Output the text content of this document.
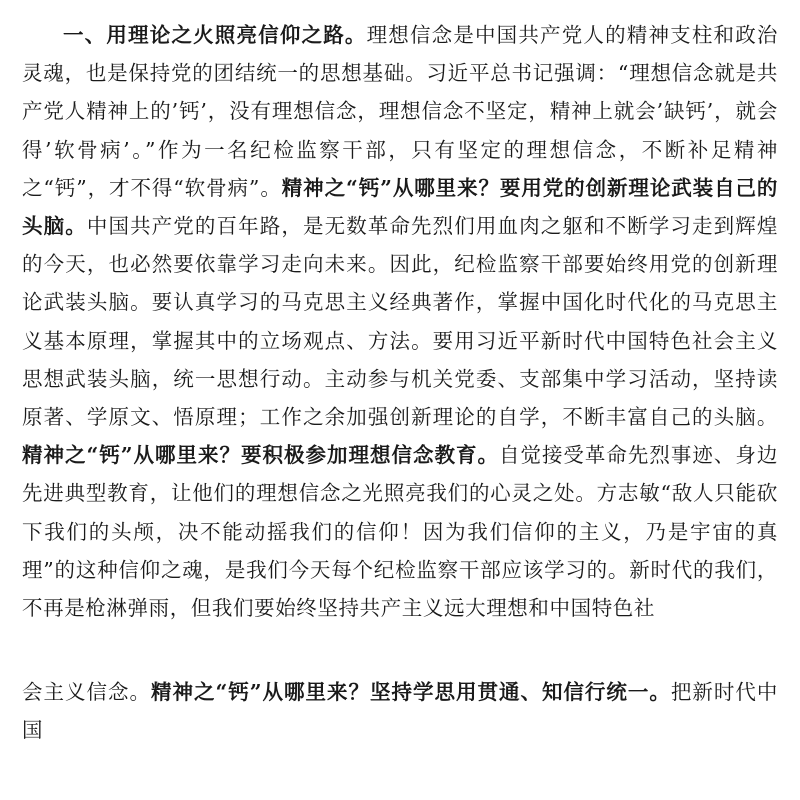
一、用理论之火照亮信仰之路。理想信念是中国共产党人的精神支柱和政治灵魂，也是保持党的团结统一的思想基础。习近平总书记强调：“理想信念就是共产党人精神上的’钙’，没有理想信念，理想信念不坚定，精神上就会’缺钙’，就会得’软骨病’。”作为一名纪检监察干部，只有坚定的理想信念，不断补足精神之“钙”，才不得“软骨病”。精神之“钙”从哪里来？要用党的创新理论武装自己的头脑。中国共产党的百年路，是无数革命先烈们用血肉之躯和不断学习走到辉煌的今天，也必然要依靠学习走向未来。因此，纪检监察干部要始终用党的创新理论武装头脑。要认真学习的马克思主义经典著作，掌握中国化时代化的马克思主义基本原理，掌握其中的立场观点、方法。要用习近平新时代中国特色社会主义思想武装头脑，统一思想行动。主动参与机关党委、支部集中学习活动，坚持读原著、学原文、悟原理；工作之余加强创新理论的自学，不断丰富自己的头脑。精神之“钙”从哪里来？要积极参加理想信念教育。自觉接受革命先烈事迹、身边先进典型教育，让他们的理想信念之光照亮我们的心灵之处。方志敏“敌人只能砍下我们的头颅，决不能动摇我们的信仰！因为我们信仰的主义，乃是宇宙的真理”的这种信仰之魂，是我们今天每个纪检监察干部应该学习的。新时代的我们，不再是枪淋弹雨，但我们要始终坚持共产主义远大理想和中国特色社

会主义信念。精神之“钙”从哪里来？坚持学思用贯通、知信行统一。把新时代中国
